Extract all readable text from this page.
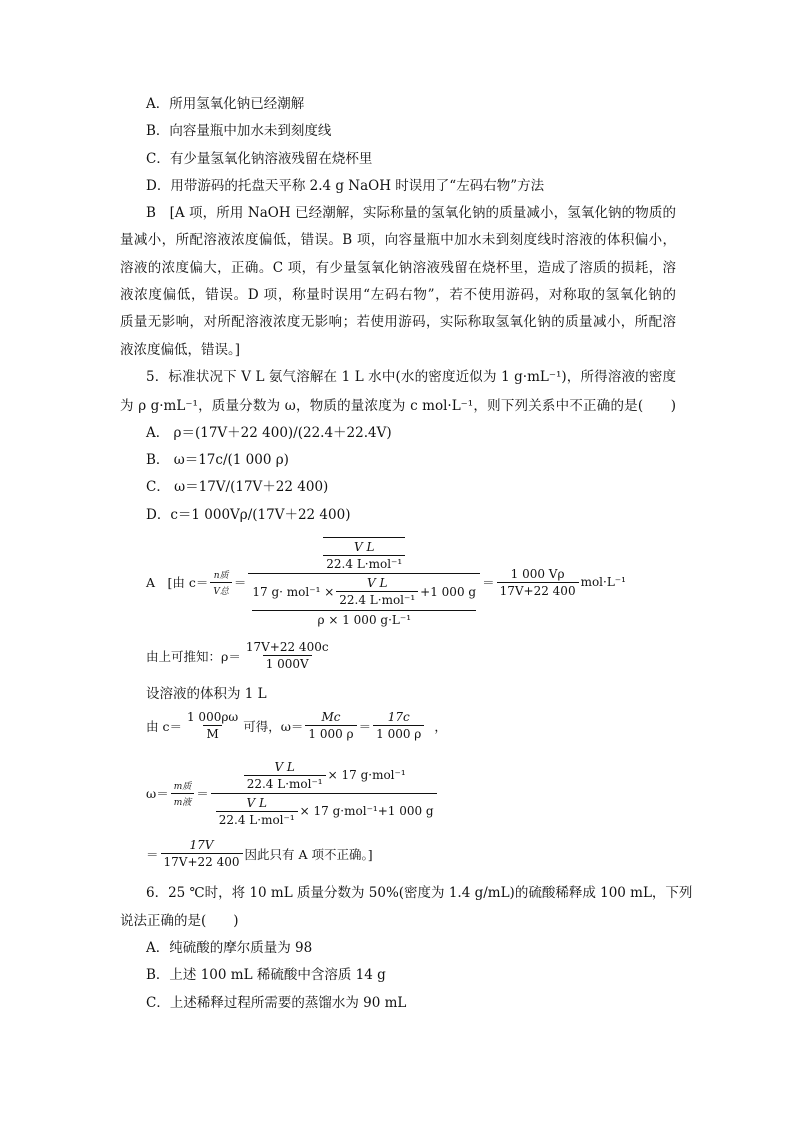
A．所用氢氧化钠已经潮解
B．向容量瓶中加水未到刻度线
C．有少量氢氧化钠溶液残留在烧杯里
D．用带游码的托盘天平称 2.4 g NaOH 时误用了“左码右物”方法
B　[A 项，所用 NaOH 已经潮解，实际称量的氢氧化钠的质量减小，氢氧化钠的物质的
量减小，所配溶液浓度偏低，错误。B 项，向容量瓶中加水未到刻度线时溶液的体积偏小，
溶液的浓度偏大，正确。C 项，有少量氢氧化钠溶液残留在烧杯里，造成了溶质的损耗，溶
液浓度偏低，错误。D 项，称量时误用“左码右物”，若不使用游码，对称取的氢氧化钠的
质量无影响，对所配溶液浓度无影响；若使用游码，实际称取氢氧化钠的质量减小，所配溶
液浓度偏低，错误。]
5．标准状况下 V L 氨气溶解在 1 L 水中(水的密度近似为 1 g·mL⁻¹)，所得溶液的密度
为 ρ g·mL⁻¹，质量分数为 ω，物质的量浓度为 c mol·L⁻¹，则下列关系中不正确的是(　　)
A． ρ＝(17V＋22 400)/(22.4＋22.4V)
B． ω＝17c/(1 000 ρ)
C． ω＝17V/(17V＋22 400)
D．c＝1 000Vρ/(17V＋22 400)
A　[由 $c= \frac{\text{n质}}{\text{V总}}$ ＝
$\frac{\text{V L}}{\text{22.4 L·mol⁻¹}}$
17 $g\cdot mol^{-1} \times \frac{\text{V L}}{\text{22.4 L·mol⁻¹}} +1$ 000 g
ρ × 1 000 g·L⁻¹
＝ $\frac{1 000 V\rho}{17V+22 400} mol\cdot L^{-1}$
由上可推知：$\rho= \frac{17V+22 400c}{1 000V}$
设溶液的体积为 1 L
由 $c= \frac{1 000\rho\omega}{M}$ 可得，$\omega= \frac{Mc}{1 000 \rho} = \frac{17c}{1 000 \rho}$ ，
$\omega= \frac{\text{m质}}{\text{m液}}$ ＝
$\frac{\text{V L}}{\text{22.4 L·mol⁻¹}} \times 17$ g·mol⁻¹
$\frac{\text{V L}}{\text{22.4 L·mol⁻¹}} \times 17$ g·mol⁻¹+1 000 g
＝ $\frac{17V}{17V+22 400}$ 因此只有 A 项不正确。]
6．25 ℃时，将 10 mL 质量分数为 50%(密度为 1.4 g/mL)的硫酸稀释成 100 mL，下列
说法正确的是(　　)
A．纯硫酸的摩尔质量为 98
B．上述 100 mL 稀硫酸中含溶质 14 g
C．上述稀释过程所需要的蒸馏水为 90 mL
